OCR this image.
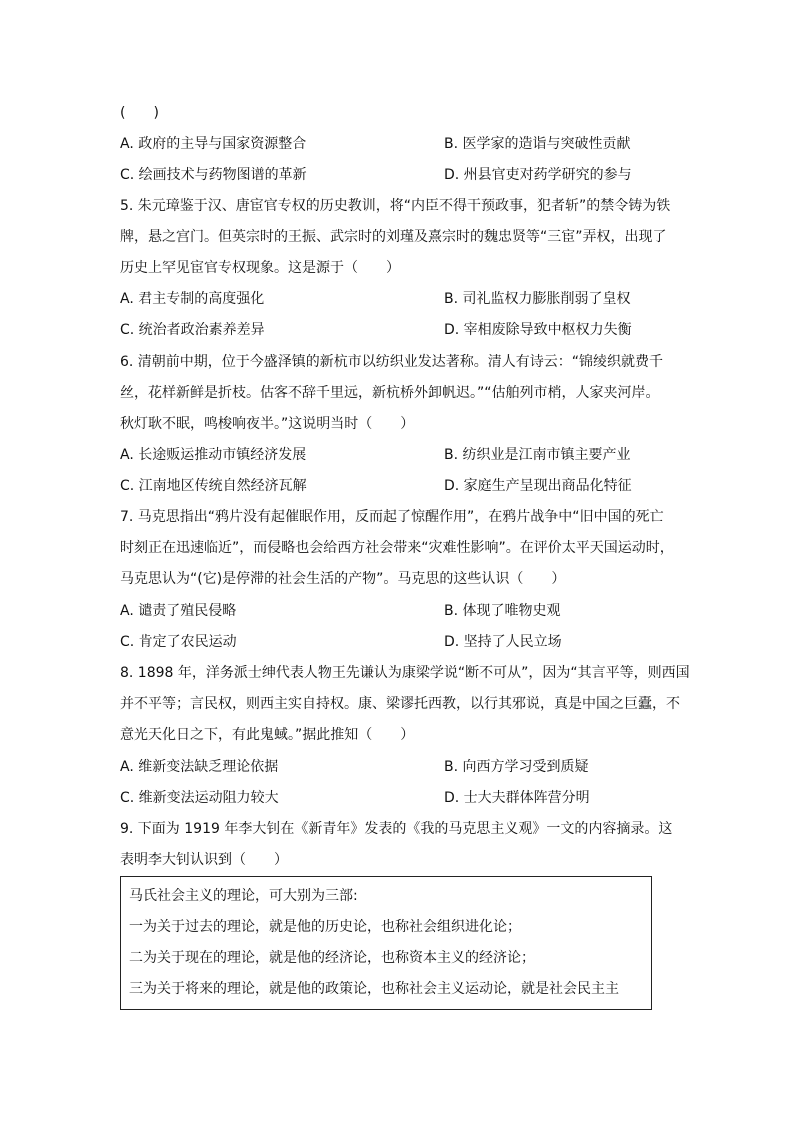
(　　)
A. 政府的主导与国家资源整合	B. 医学家的造诣与突破性贡献
C. 绘画技术与药物图谱的革新	D. 州县官吏对药学研究的参与
5. 朱元璋鉴于汉、唐宦官专权的历史教训，将“内臣不得干预政事，犯者斩”的禁令铸为铁
牌，悬之宫门。但英宗时的王振、武宗时的刘瑾及熹宗时的魏忠贤等“三宦”弄权，出现了
历史上罕见宦官专权现象。这是源于（　　）
A. 君主专制的高度强化	B. 司礼监权力膨胀削弱了皇权
C. 统治者政治素养差异	D. 宰相废除导致中枢权力失衡
6. 清朝前中期，位于今盛泽镇的新杭市以纺织业发达著称。清人有诗云：“锦绫织就费千
丝，花样新鲜是折枝。估客不辞千里远，新杭桥外卸帆迟。”“估舶列市梢，人家夹河岸。
秋灯耿不眠，鸣梭响夜半。”这说明当时（　　）
A. 长途贩运推动市镇经济发展	B. 纺织业是江南市镇主要产业
C. 江南地区传统自然经济瓦解	D. 家庭生产呈现出商品化特征
7. 马克思指出“鸦片没有起催眠作用，反而起了惊醒作用”，在鸦片战争中“旧中国的死亡
时刻正在迅速临近”，而侵略也会给西方社会带来“灾难性影响”。在评价太平天国运动时，
马克思认为“(它)是停滞的社会生活的产物”。马克思的这些认识（　　）
A. 谴责了殖民侵略	B. 体现了唯物史观
C. 肯定了农民运动	D. 坚持了人民立场
8. 1898 年，洋务派士绅代表人物王先谦认为康梁学说“断不可从”，因为“其言平等，则西国
并不平等；言民权，则西主实自持权。康、梁谬托西教，以行其邪说，真是中国之巨蠹，不
意光天化日之下，有此鬼蜮。”据此推知（　　）
A. 维新变法缺乏理论依据	B. 向西方学习受到质疑
C. 维新变法运动阻力较大	D. 士大夫群体阵营分明
9. 下面为 1919 年李大钊在《新青年》发表的《我的马克思主义观》一文的内容摘录。这
表明李大钊认识到（　　）
马氏社会主义的理论，可大别为三部:
一为关于过去的理论，就是他的历史论，也称社会组织进化论；
二为关于现在的理论，就是他的经济论，也称资本主义的经济论；
三为关于将来的理论，就是他的政策论，也称社会主义运动论，就是社会民主主
